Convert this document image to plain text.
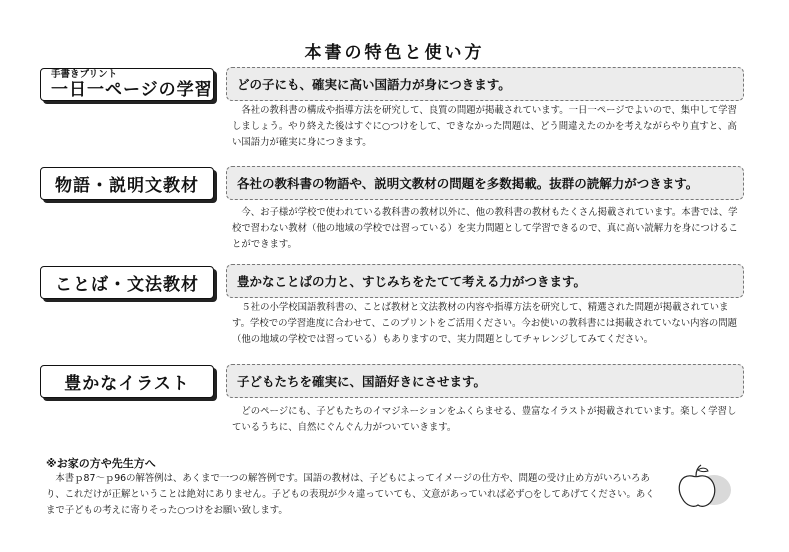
本書の特色と使い方
手書きプリント
一日一ページの学習	どの子にも、確実に高い国語力が身につきます。

各社の教科書の構成や指導方法を研究して、良質の問題が掲載されています。一日一ページでよいので、集中して学習しましょう。やり終えた後はすぐに○つけをして、できなかった問題は、どう間違えたのかを考えながらやり直すと、高い国語力が確実に身につきます。

物語・説明文教材	各社の教科書の物語や、説明文教材の問題を多数掲載。抜群の読解力がつきます。

今、お子様が学校で使われている教科書の教材以外に、他の教科書の教材もたくさん掲載されています。本書では、学校で習わない教材（他の地域の学校では習っている）を実力問題として学習できるので、真に高い読解力を身につけることができます。

ことば・文法教材	豊かなことばの力と、すじみちをたてて考える力がつきます。

５社の小学校国語教科書の、ことば教材と文法教材の内容や指導方法を研究して、精選された問題が掲載されています。学校での学習進度に合わせて、このプリントをご活用ください。今お使いの教科書には掲載されていない内容の問題（他の地域の学校では習っている）もありますので、実力問題としてチャレンジしてみてください。

豊かなイラスト	子どもたちを確実に、国語好きにさせます。

どのページにも、子どもたちのイマジネーションをふくらませる、豊富なイラストが掲載されています。楽しく学習しているうちに、自然にぐんぐん力がついていきます。

※お家の方や先生方へ

本書ｐ87～ｐ96の解答例は、あくまで一つの解答例です。国語の教材は、子どもによってイメージの仕方や、問題の受け止め方がいろいろあり、これだけが正解ということは絶対にありません。子どもの表現が少々違っていても、文意があっていれば必ず○をしてあげてください。あくまで子どもの考えに寄りそった○つけをお願い致します。
